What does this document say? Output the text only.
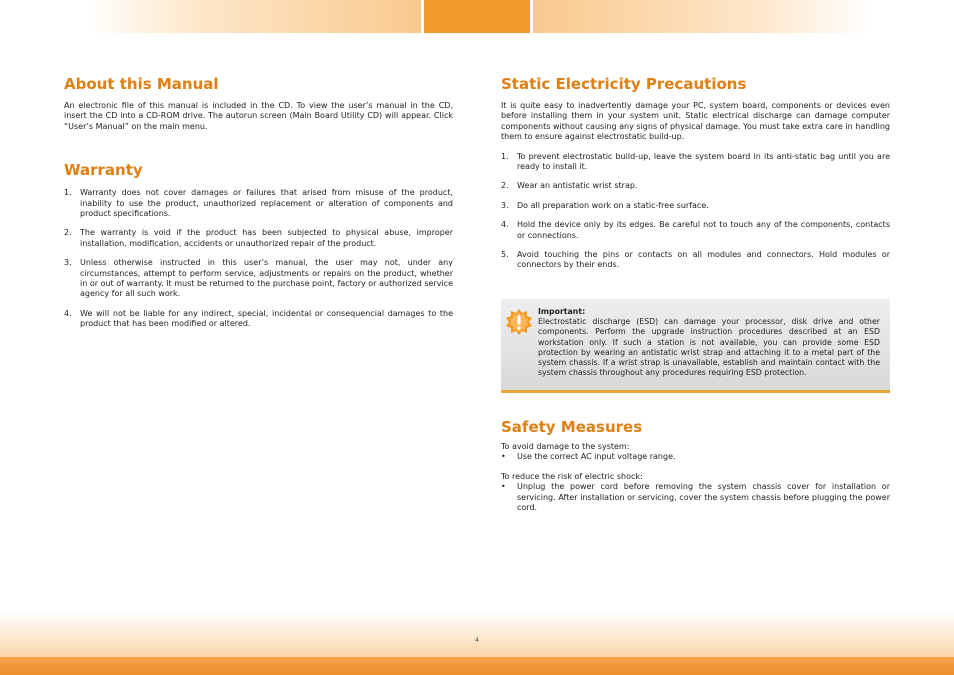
About this Manual

An electronic file of this manual is included in the CD. To view the user’s manual in the CD, insert the CD into a CD-ROM drive. The autorun screen (Main Board Utility CD) will appear. Click “User’s Manual” on the main menu.

Warranty
1. Warranty does not cover damages or failures that arised from misuse of the product, inability to use the product, unauthorized replacement or alteration of components and product specifications.
2. The warranty is void if the product has been subjected to physical abuse, improper installation, modification, accidents or unauthorized repair of the product.
3. Unless otherwise instructed in this user’s manual, the user may not, under any circumstances, attempt to perform service, adjustments or repairs on the product, whether in or out of warranty. It must be returned to the purchase point, factory or authorized service agency for all such work.
4. We will not be liable for any indirect, special, incidental or consequencial damages to the product that has been modified or altered.
Static Electricity Precautions

It is quite easy to inadvertently damage your PC, system board, components or devices even before installing them in your system unit. Static electrical discharge can damage computer components without causing any signs of physical damage. You must take extra care in handling them to ensure against electrostatic build-up.

1. To prevent electrostatic build-up, leave the system board in its anti-static bag until you are ready to install it.
2. Wear an antistatic wrist strap.
3. Do all preparation work on a static-free surface.
4. Hold the device only by its edges. Be careful not to touch any of the components, contacts or connections.
5. Avoid touching the pins or contacts on all modules and connectors. Hold modules or connectors by their ends.
Important:
Electrostatic discharge (ESD) can damage your processor, disk drive and other components. Perform the upgrade instruction procedures described at an ESD workstation only. If such a station is not available, you can provide some ESD protection by wearing an antistatic wrist strap and attaching it to a metal part of the system chassis. If a wrist strap is unavailable, establish and maintain contact with the system chassis throughout any procedures requiring ESD protection.
Safety Measures

To avoid damage to the system:

• Use the correct AC input voltage range.

To reduce the risk of electric shock:

• Unplug the power cord before removing the system chassis cover for installation or servicing. After installation or servicing, cover the system chassis before plugging the power cord.
4
